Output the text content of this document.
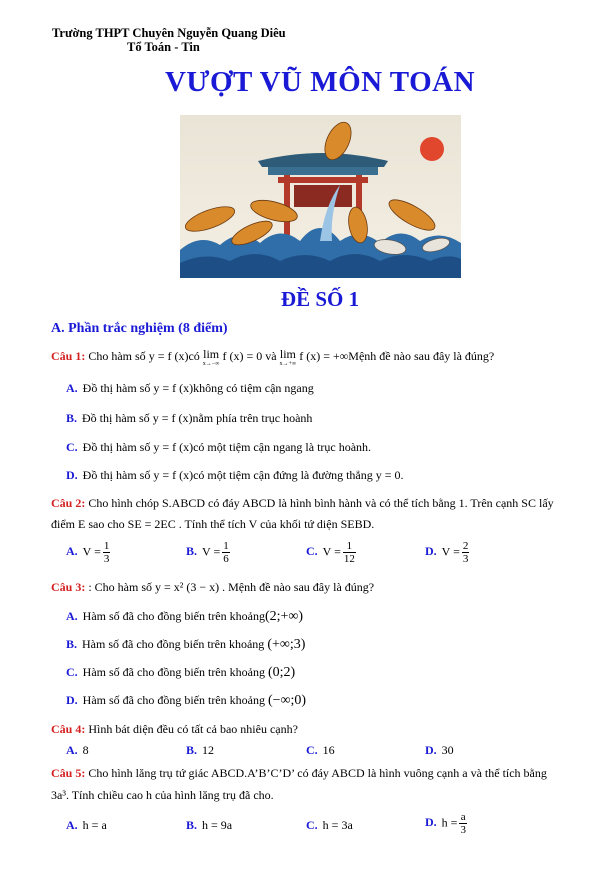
Trường THPT Chuyên Nguyễn Quang Diêu
Tổ Toán - Tin
VƯỢT VŨ MÔN TOÁN
ĐỀ SỐ 1
A. Phần trắc nghiệm (8 điểm)
Câu 1: Cho hàm số y = f (x)có lim
x→−∞
f (x) = 0 và lim
x→+∞
f (x) = +∞Mệnh đề nào sau đây là đúng?
A. Đồ thị hàm số y = f (x)không có tiệm cận ngang
B. Đồ thị hàm số y = f (x)nằm phía trên trục hoành
C. Đồ thị hàm số y = f (x)có một tiệm cận ngang là trục hoành.
D. Đồ thị hàm số y = f (x)có một tiệm cận đứng là đường thẳng y = 0.
Câu 2: Cho hình chóp S.ABCD có đáy ABCD là hình bình hành và có thể tích bằng 1. Trên cạnh SC lấy
điểm E sao cho SE = 2EC . Tính thể tích V của khối tứ diện SEBD.
A. $V = \frac{1}{3}$	B. $V = \frac{1}{6}$	C. $V = \frac{1}{12}$	D. $V = \frac{2}{3}$
Câu 3: : Cho hàm số y = x² (3 − x) . Mệnh đề nào sau đây là đúng?
A. Hàm số đã cho đồng biến trên khoảng(2;+∞)
B. Hàm số đã cho đồng biến trên khoảng (+∞;3)
C. Hàm số đã cho đồng biến trên khoảng (0;2)
D. Hàm số đã cho đồng biến trên khoảng (−∞;0)
Câu 4: Hình bát diện đều có tất cả bao nhiêu cạnh?
A. 8	B. 12	C. 16	D. 30
Câu 5: Cho hình lăng trụ tứ giác ABCD.A’B’C’D’ có đáy ABCD là hình vuông cạnh a và thể tích bằng
3a³. Tính chiều cao h của hình lăng trụ đã cho.
A. h = a	B. h = 9a	C. h = 3a	D. $h = \frac{a}{3}$
